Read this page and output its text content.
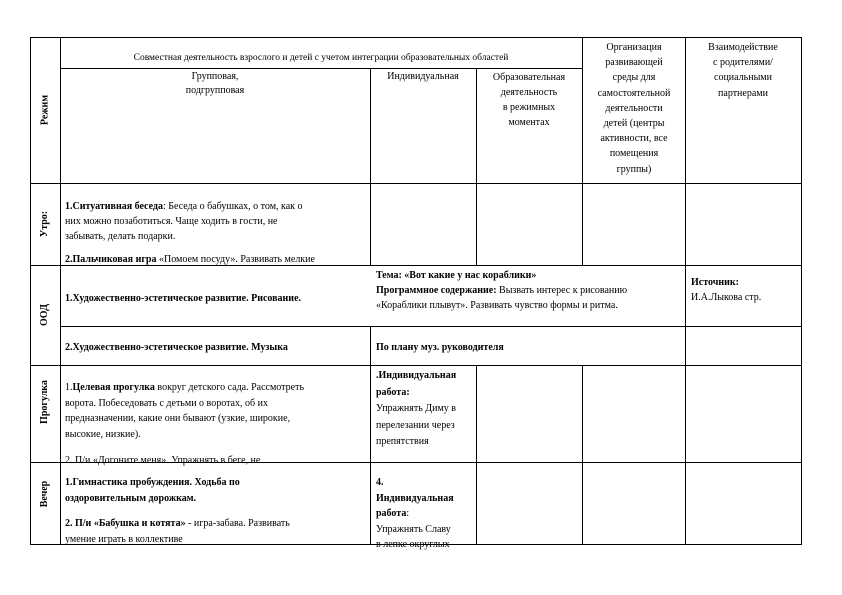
Режим
Совместная деятельность взрослого и детей с учетом интеграции образовательных областей
Групповая,
подгрупповая
Индивидуальная	Образовательная
деятельность
в режимных
моментах
Организация
развивающей
среды для
самостоятельной
деятельности
детей (центры
активности, все
помещения
группы)
Взаимодействие
с родителями/
социальными
партнерами
Утро:
1.Ситуативная беседа: Беседа о бабушках, о том, как о
них можно позаботиться. Чаще ходить в гости, не
забывать, делать подарки.
2.Пальчиковая игра «Помоем посуду». Развивать мелкие
ООД
1.Художественно-эстетическое развитие. Рисование.
Тема: «Вот какие у нас кораблики»
Программное содержание: Вызвать интерес к рисованию
«Кораблики плывут». Развивать чувство формы и ритма.
Источник:
И.А.Лыкова стр.
2.Художественно-эстетическое развитие. Музыка	По плану муз. руководителя
Прогулка 1.Целевая прогулка вокруг детского сада. Рассмотреть
ворота. Побеседовать с детьми о воротах, об их
предназначении, какие они бывают (узкие, широкие,
высокие, низкие).
2. П/и «Догоните меня». Упражнять в беге, не
.Индивидуальная
работа:
Упражнять Диму в
перелезании через
препятствия
Вечер 1.Гимнастика пробуждения. Ходьба по
оздоровительным дорожкам.
2. П/и «Бабушка и котята» - игра-забава. Развивать
умение играть в коллективе
4.
Индивидуальная
работа:
Упражнять Славу
в лепке округлых
